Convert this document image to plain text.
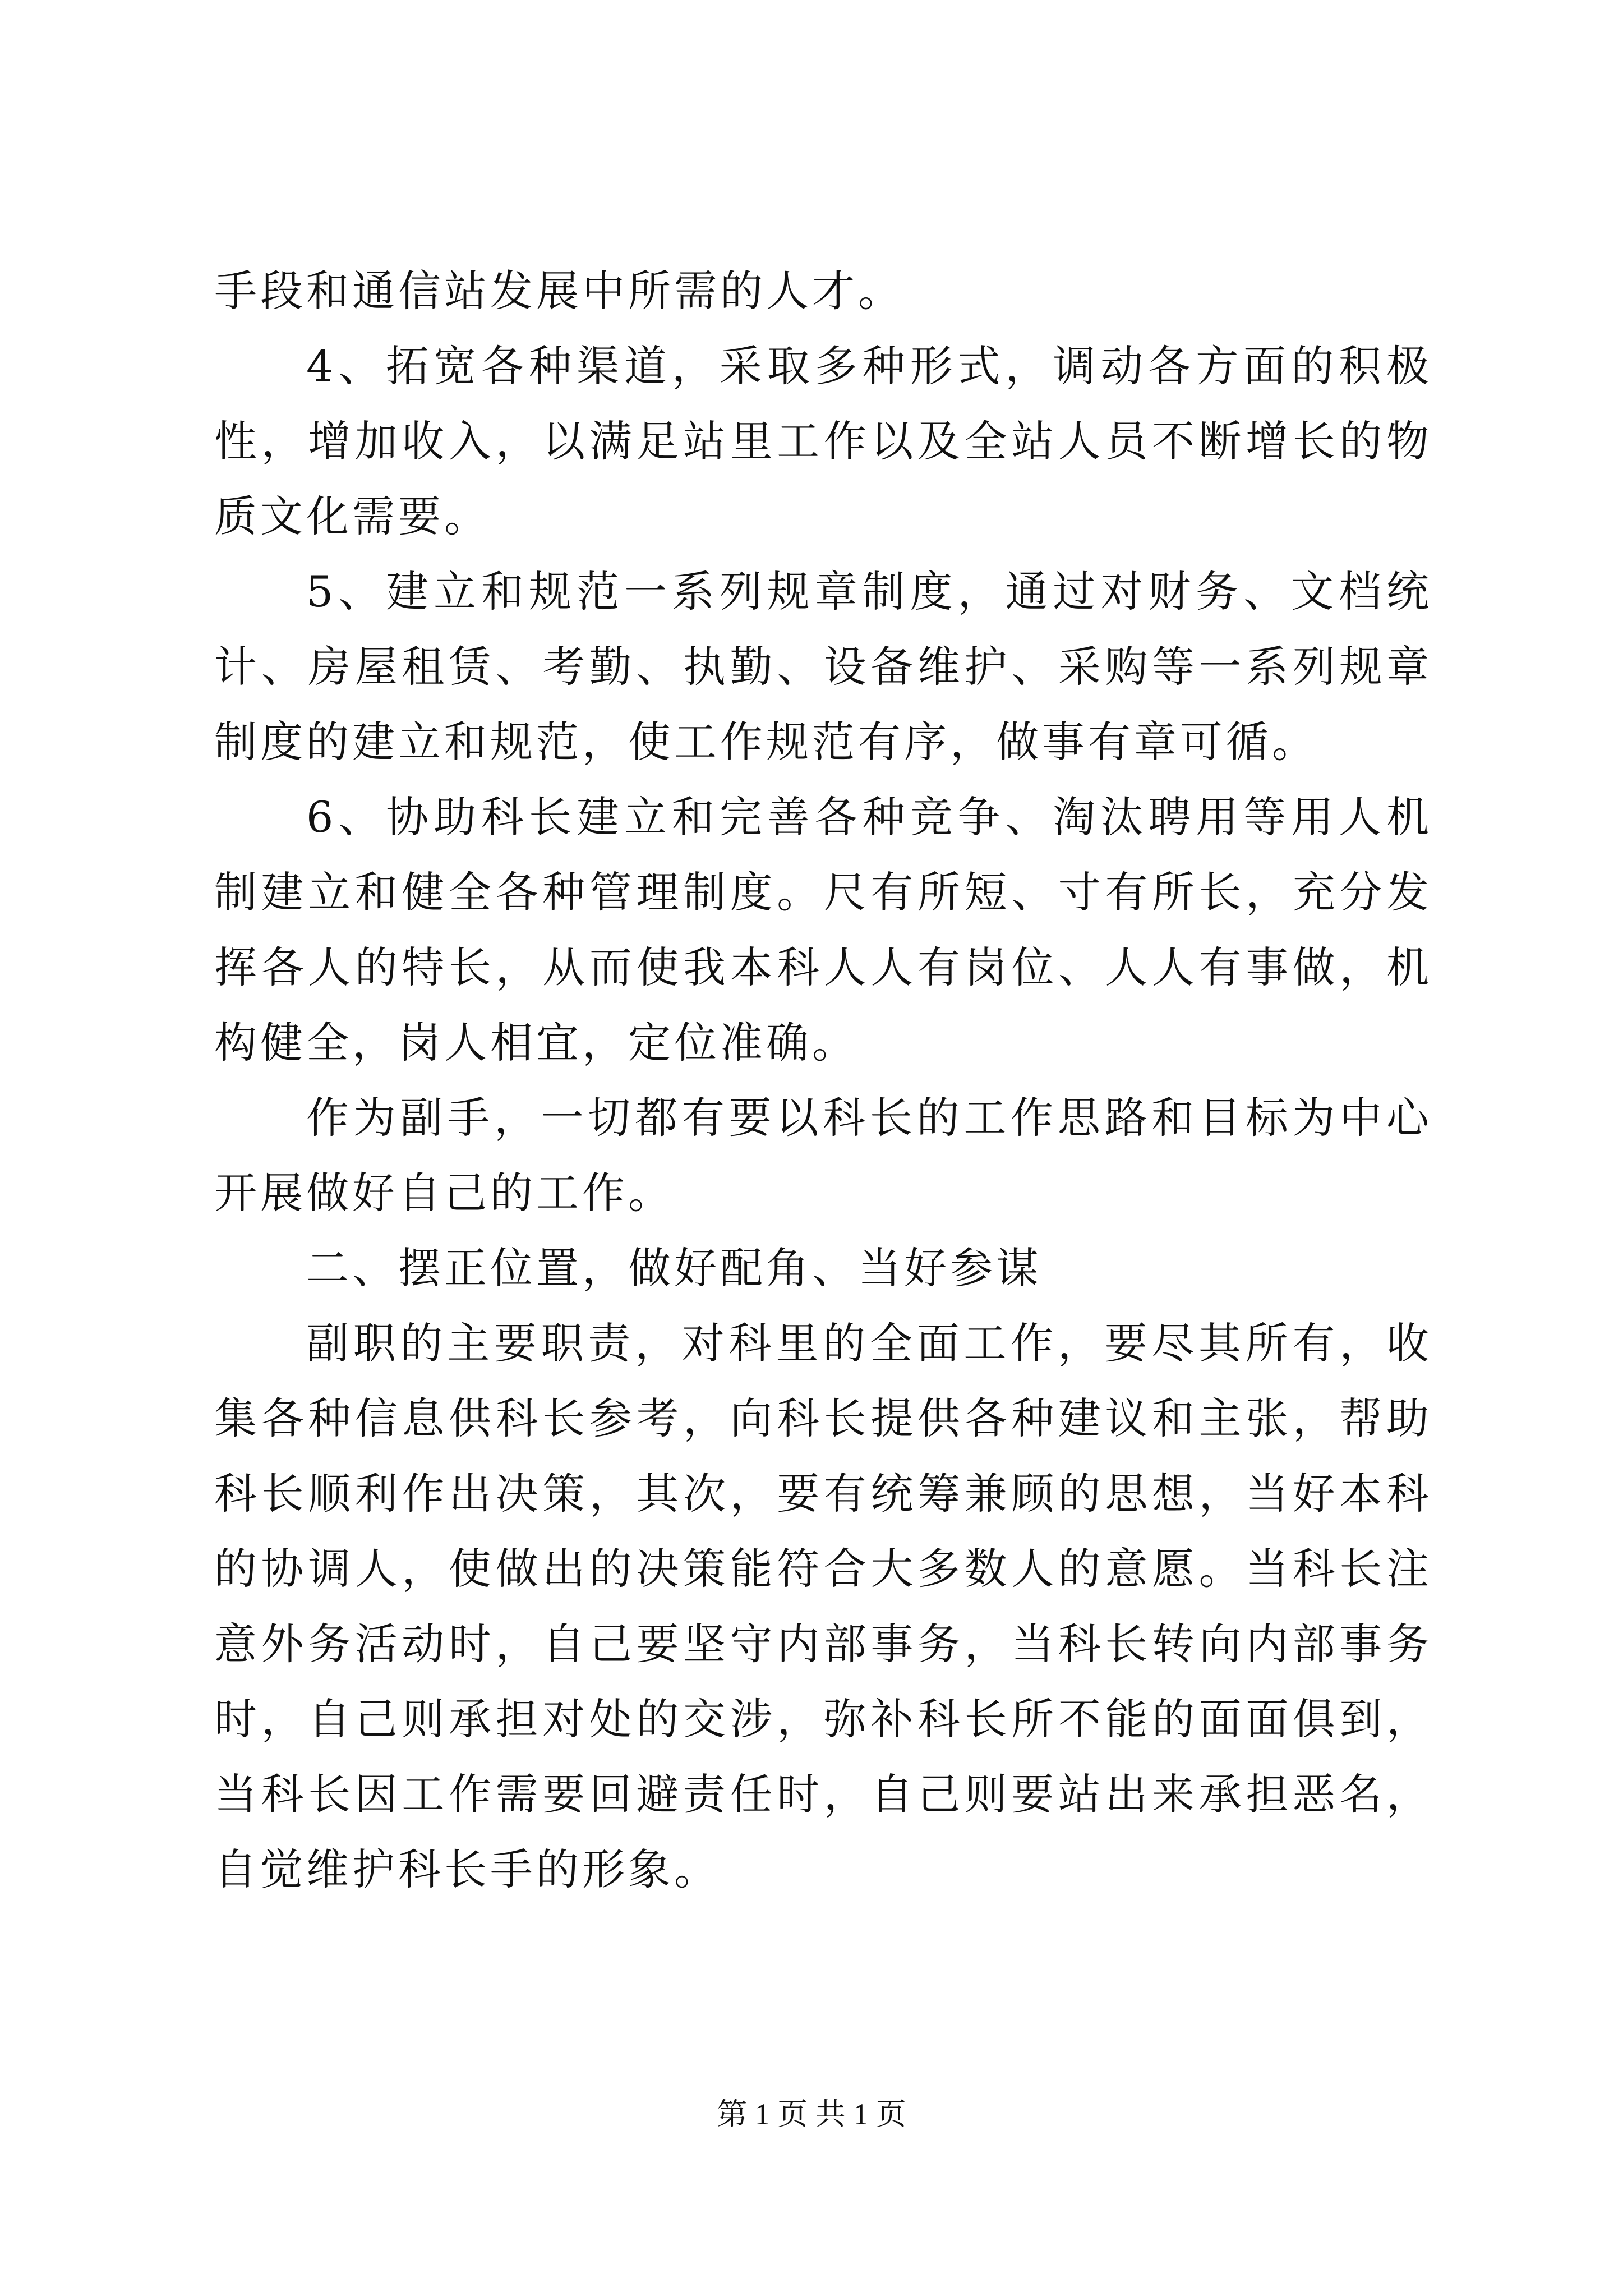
手段和通信站发展中所需的人才。

4、拓宽各种渠道，采取多种形式，调动各方面的积极性，增加收入，以满足站里工作以及全站人员不断增长的物质文化需要。

5、建立和规范一系列规章制度，通过对财务、文档统计、房屋租赁、考勤、执勤、设备维护、采购等一系列规章制度的建立和规范，使工作规范有序，做事有章可循。

6、协助科长建立和完善各种竞争、淘汰聘用等用人机制建立和健全各种管理制度。尺有所短、寸有所长，充分发挥各人的特长，从而使我本科人人有岗位、人人有事做，机构健全，岗人相宜，定位准确。

作为副手，一切都有要以科长的工作思路和目标为中心开展做好自己的工作。

二、摆正位置，做好配角、当好参谋

副职的主要职责，对科里的全面工作，要尽其所有，收集各种信息供科长参考，向科长提供各种建议和主张，帮助科长顺利作出决策，其次，要有统筹兼顾的思想，当好本科的协调人，使做出的决策能符合大多数人的意愿。当科长注意外务活动时，自己要坚守内部事务，当科长转向内部事务时，自己则承担对处的交涉，弥补科长所不能的面面俱到，当科长因工作需要回避责任时，自己则要站出来承担恶名，自觉维护科长手的形象。

第 1 页 共 1 页
